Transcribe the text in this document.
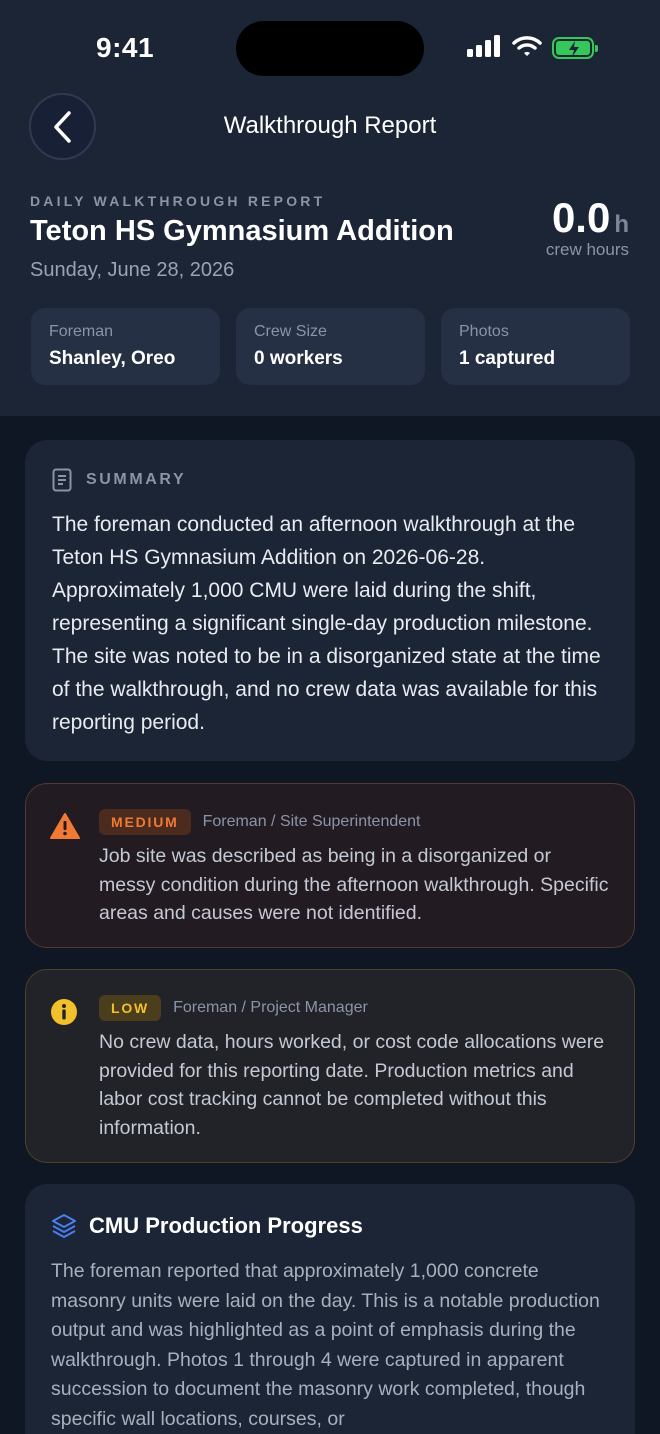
9:41
Walkthrough Report
DAILY WALKTHROUGH REPORT
Teton HS Gymnasium Addition
Sunday, June 28, 2026
0.0 h
crew hours
Foreman
Shanley, Oreo
Crew Size
0 workers
Photos
1 captured
SUMMARY
The foreman conducted an afternoon walkthrough at the Teton HS Gymnasium Addition on 2026-06-28. Approximately 1,000 CMU were laid during the shift, representing a significant single-day production milestone. The site was noted to be in a disorganized state at the time of the walkthrough, and no crew data was available for this reporting period.
MEDIUM	Foreman / Site Superintendent
Job site was described as being in a disorganized or messy condition during the afternoon walkthrough. Specific areas and causes were not identified.
LOW	Foreman / Project Manager
No crew data, hours worked, or cost code allocations were provided for this reporting date. Production metrics and labor cost tracking cannot be completed without this information.
CMU Production Progress
The foreman reported that approximately 1,000 concrete masonry units were laid on the day. This is a notable production output and was highlighted as a point of emphasis during the walkthrough. Photos 1 through 4 were captured in apparent succession to document the masonry work completed, though specific wall locations, courses, or
